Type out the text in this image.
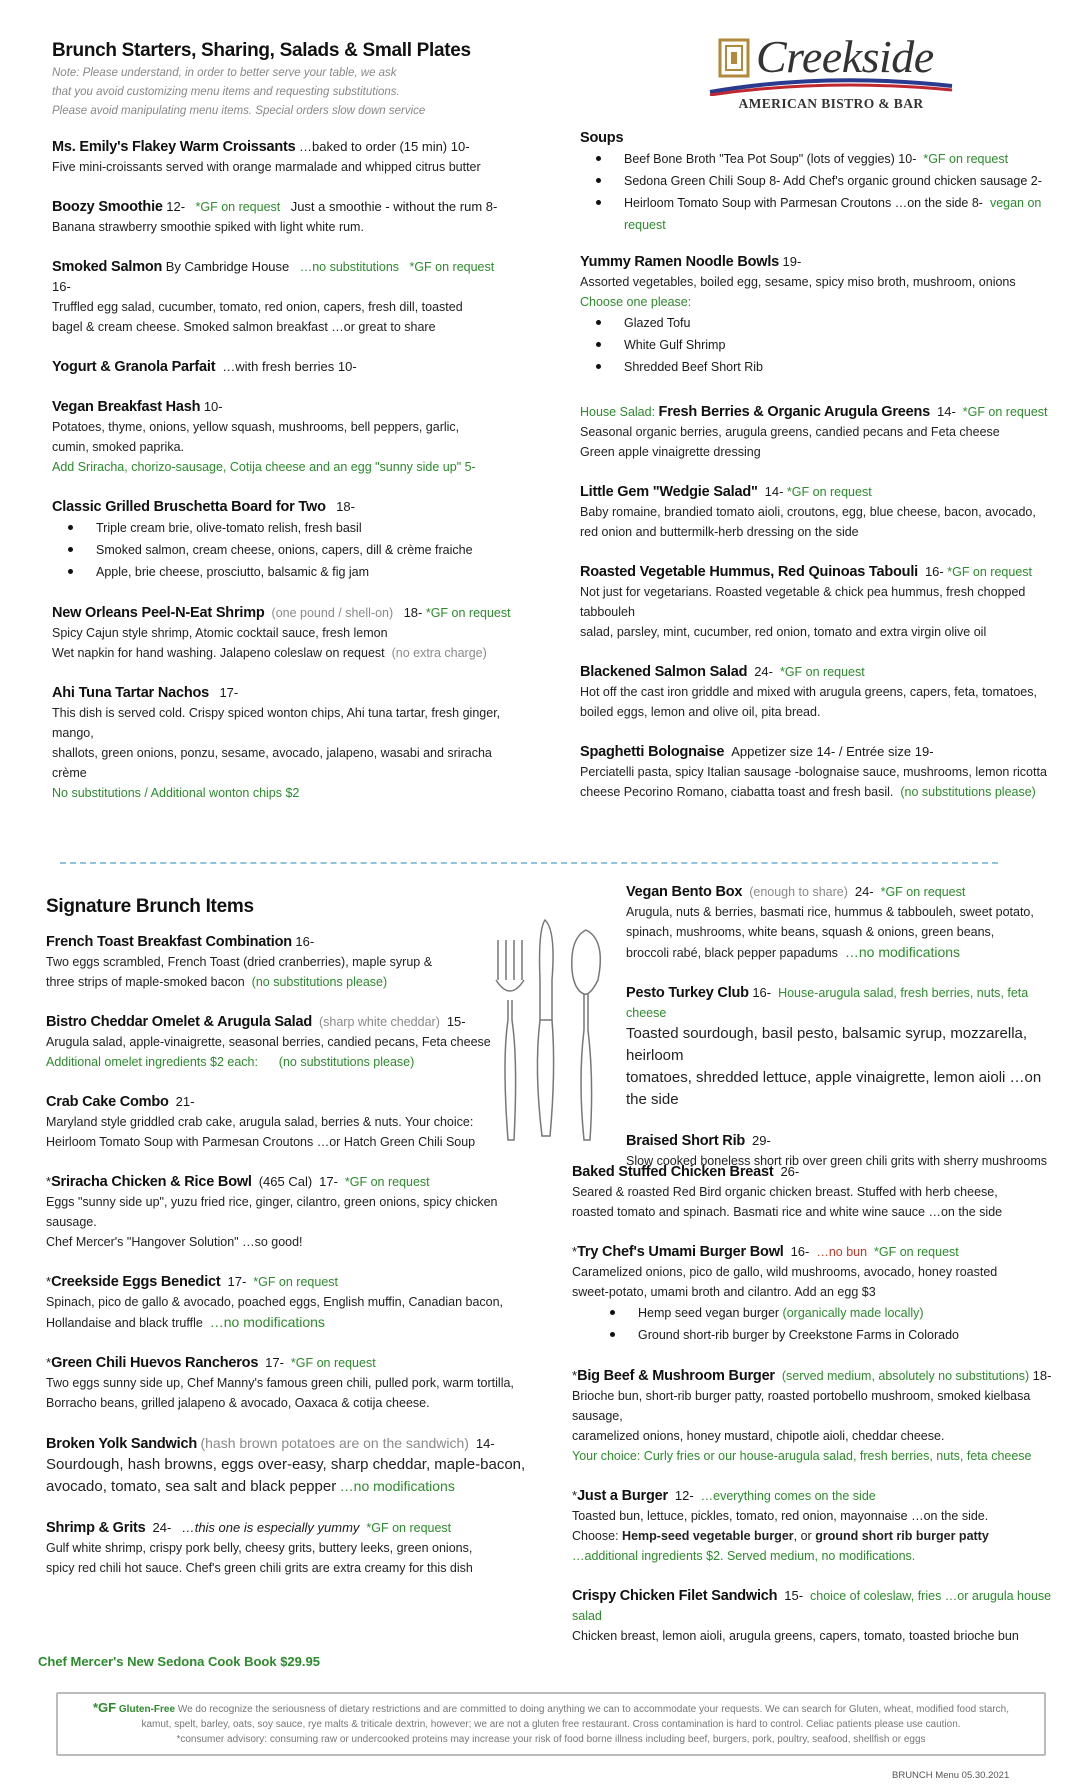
Creekside
AMERICAN BISTRO & BAR
Brunch Starters, Sharing, Salads & Small Plates
Note: Please understand, in order to better serve your table, we ask
that you avoid customizing menu items and requesting substitutions.
Please avoid manipulating menu items. Special orders slow down service
Ms. Emily's Flakey Warm Croissants …baked to order (15 min) 10-
Five mini-croissants served with orange marmalade and whipped citrus butter
Boozy Smoothie 12- *GF on request Just a smoothie - without the rum 8-
Banana strawberry smoothie spiked with light white rum.
Smoked Salmon By Cambridge House …no substitutions *GF on request   16-
Truffled egg salad, cucumber, tomato, red onion, capers, fresh dill, toasted
bagel & cream cheese. Smoked salmon breakfast …or great to share
Yogurt & Granola Parfait …with fresh berries 10-
Vegan Breakfast Hash 10-
Potatoes, thyme, onions, yellow squash, mushrooms, bell peppers, garlic,
cumin, smoked paprika.
Add Sriracha, chorizo-sausage, Cotija cheese and an egg "sunny side up" 5-
Classic Grilled Bruschetta Board for Two 18-
Triple cream brie, olive-tomato relish, fresh basil
Smoked salmon, cream cheese, onions, capers, dill & crème fraiche
Apple, brie cheese, prosciutto, balsamic & fig jam
New Orleans Peel-N-Eat Shrimp (one pound / shell-on) 18- *GF on request
Spicy Cajun style shrimp, Atomic cocktail sauce, fresh lemon
Wet napkin for hand washing. Jalapeno coleslaw on request (no extra charge)
Ahi Tuna Tartar Nachos 17-
This dish is served cold. Crispy spiced wonton chips, Ahi tuna tartar, fresh ginger, mango,
shallots, green onions, ponzu, sesame, avocado, jalapeno, wasabi and sriracha crème
No substitutions / Additional wonton chips $2
Soups
Beef Bone Broth "Tea Pot Soup" (lots of veggies) 10- *GF on request
Sedona Green Chili Soup 8- Add Chef's organic ground chicken sausage 2-
Heirloom Tomato Soup with Parmesan Croutons …on the side 8- vegan on request
Yummy Ramen Noodle Bowls 19-
Assorted vegetables, boiled egg, sesame, spicy miso broth, mushroom, onions
Choose one please:
Glazed Tofu
White Gulf Shrimp
Shredded Beef Short Rib
House Salad: Fresh Berries & Organic Arugula Greens 14- *GF on request
Seasonal organic berries, arugula greens, candied pecans and Feta cheese
Green apple vinaigrette dressing
Little Gem "Wedgie Salad" 14- *GF on request
Baby romaine, brandied tomato aioli, croutons, egg, blue cheese, bacon, avocado,
red onion and buttermilk-herb dressing on the side
Roasted Vegetable Hummus, Red Quinoas Tabouli 16- *GF on request
Not just for vegetarians. Roasted vegetable & chick pea hummus, fresh chopped tabbouleh
salad, parsley, mint, cucumber, red onion, tomato and extra virgin olive oil
Blackened Salmon Salad 24- *GF on request
Hot off the cast iron griddle and mixed with arugula greens, capers, feta, tomatoes,
boiled eggs, lemon and olive oil, pita bread.
Spaghetti Bolognaise Appetizer size 14- / Entrée size 19-
Perciatelli pasta, spicy Italian sausage -bolognaise sauce, mushrooms, lemon ricotta
cheese Pecorino Romano, ciabatta toast and fresh basil. (no substitutions please)
Signature Brunch Items
French Toast Breakfast Combination 16-
Two eggs scrambled, French Toast (dried cranberries), maple syrup &
three strips of maple-smoked bacon (no substitutions please)
Bistro Cheddar Omelet & Arugula Salad (sharp white cheddar) 15-
Arugula salad, apple-vinaigrette, seasonal berries, candied pecans, Feta cheese
Additional omelet ingredients $2 each: (no substitutions please)
Crab Cake Combo 21-
Maryland style griddled crab cake, arugula salad, berries & nuts. Your choice:
Heirloom Tomato Soup with Parmesan Croutons …or Hatch Green Chili Soup
*Sriracha Chicken & Rice Bowl (465 Cal) 17- *GF on request
Eggs "sunny side up", yuzu fried rice, ginger, cilantro, green onions, spicy chicken sausage.
Chef Mercer's "Hangover Solution" …so good!
*Creekside Eggs Benedict 17- *GF on request
Spinach, pico de gallo & avocado, poached eggs, English muffin, Canadian bacon,
Hollandaise and black truffle …no modifications
*Green Chili Huevos Rancheros 17- *GF on request
Two eggs sunny side up, Chef Manny's famous green chili, pulled pork, warm tortilla,
Borracho beans, grilled jalapeno & avocado, Oaxaca & cotija cheese.
Broken Yolk Sandwich (hash brown potatoes are on the sandwich) 14-
Sourdough, hash browns, eggs over-easy, sharp cheddar, maple-bacon,
avocado, tomato, sea salt and black pepper …no modifications
Shrimp & Grits 24- …this one is especially yummy *GF on request
Gulf white shrimp, crispy pork belly, cheesy grits, buttery leeks, green onions,
spicy red chili hot sauce. Chef's green chili grits are extra creamy for this dish
Chef Mercer's New Sedona Cook Book $29.95
Vegan Bento Box (enough to share) 24- *GF on request
Arugula, nuts & berries, basmati rice, hummus & tabbouleh, sweet potato,
spinach, mushrooms, white beans, squash & onions, green beans,
broccoli rabé, black pepper papadums …no modifications
Pesto Turkey Club 16- House-arugula salad, fresh berries, nuts, feta cheese
Toasted sourdough, basil pesto, balsamic syrup, mozzarella, heirloom
tomatoes, shredded lettuce, apple vinaigrette, lemon aioli …on the side
Braised Short Rib 29-
Slow cooked boneless short rib over green chili grits with sherry mushrooms
Baked Stuffed Chicken Breast 26-
Seared & roasted Red Bird organic chicken breast. Stuffed with herb cheese,
roasted tomato and spinach. Basmati rice and white wine sauce …on the side
*Try Chef's Umami Burger Bowl 16- …no bun *GF on request
Caramelized onions, pico de gallo, wild mushrooms, avocado, honey roasted
sweet-potato, umami broth and cilantro. Add an egg $3
Hemp seed vegan burger (organically made locally)
Ground short-rib burger by Creekstone Farms in Colorado
*Big Beef & Mushroom Burger (served medium, absolutely no substitutions) 18-
Brioche bun, short-rib burger patty, roasted portobello mushroom, smoked kielbasa sausage,
caramelized onions, honey mustard, chipotle aioli, cheddar cheese.
Your choice: Curly fries or our house-arugula salad, fresh berries, nuts, feta cheese
*Just a Burger 12- …everything comes on the side
Toasted bun, lettuce, pickles, tomato, red onion, mayonnaise …on the side.
Choose: Hemp-seed vegetable burger, or ground short rib burger patty
…additional ingredients $2. Served medium, no modifications.
Crispy Chicken Filet Sandwich 15- choice of coleslaw, fries …or arugula house salad
Chicken breast, lemon aioli, arugula greens, capers, tomato, toasted brioche bun
*GF Gluten-Free We do recognize the seriousness of dietary restrictions and are committed to doing anything we can to accommodate your requests. We can search for Gluten, wheat, modified food starch,
kamut, spelt, barley, oats, soy sauce, rye malts & triticale dextrin, however; we are not a gluten free restaurant. Cross contamination is hard to control. Celiac patients please use caution.
*consumer advisory: consuming raw or undercooked proteins may increase your risk of food borne illness including beef, burgers, pork, poultry, seafood, shellfish or eggs
BRUNCH Menu 05.30.2021
